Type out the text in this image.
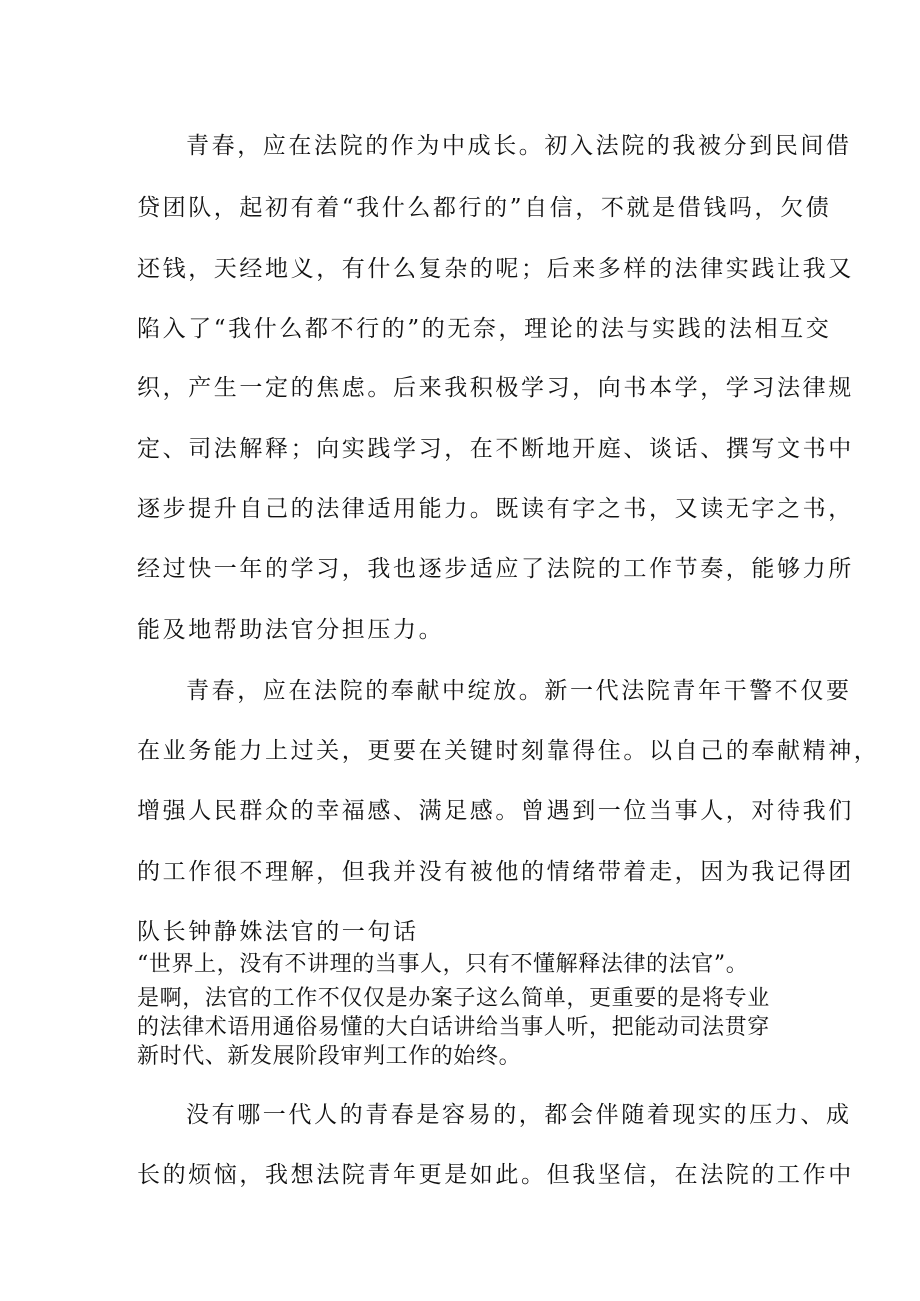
青春，应在法院的作为中成长。初入法院的我被分到民间借
贷团队，起初有着“我什么都行的”自信，不就是借钱吗，欠债
还钱，天经地义，有什么复杂的呢；后来多样的法律实践让我又
陷入了“我什么都不行的”的无奈，理论的法与实践的法相互交
织，产生一定的焦虑。后来我积极学习，向书本学，学习法律规
定、司法解释；向实践学习，在不断地开庭、谈话、撰写文书中
逐步提升自己的法律适用能力。既读有字之书，又读无字之书，
经过快一年的学习，我也逐步适应了法院的工作节奏，能够力所
能及地帮助法官分担压力。
青春，应在法院的奉献中绽放。新一代法院青年干警不仅要
在业务能力上过关，更要在关键时刻靠得住。以自己的奉献精神，
增强人民群众的幸福感、满足感。曾遇到一位当事人，对待我们
的工作很不理解，但我并没有被他的情绪带着走，因为我记得团
队长钟静姝法官的一句话
“世界上，没有不讲理的当事人，只有不懂解释法律的法官”。
是啊，法官的工作不仅仅是办案子这么简单，更重要的是将专业
的法律术语用通俗易懂的大白话讲给当事人听，把能动司法贯穿
新时代、新发展阶段审判工作的始终。
没有哪一代人的青春是容易的，都会伴随着现实的压力、成
长的烦恼，我想法院青年更是如此。但我坚信，在法院的工作中
